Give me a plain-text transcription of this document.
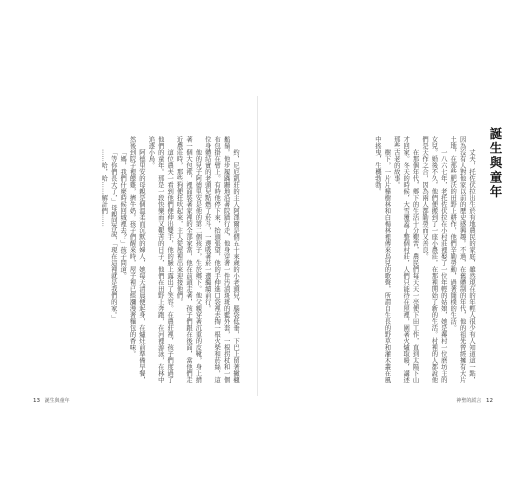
約，尼厄凱莊的主人阿澤爾是個五十來歲的小老頭兒，腦袋低垂，下巴上留著撇翹鬍鬚。他步履蹣跚地沿著院牆行走，他身穿著一件汚漬斑斑的藍外套，一根拐杖和一個布包掛在臂上。有時他停下來，抬頭張望，他的手伸進口袋裡去掏一根火柴和菸絲，這位身體結實的老頭兒點燃了菸斗，一邊吸著菸一邊繼續前行。

他的兒子阿德里安是他的第二個孩子，生於鄉下。他父親穿著沉重的皮靴，身上揹著一個大包袱，裡面裝著家裡的全部家當，他在前頭走著，孩子們跟在後面，當他們走近農莊時，那些狗便狂吠起來，主人從屋裡出來迎接他們。

這位農夫一看到他們便伸出雙手，他的臉上露出了笑容。在農莊裡，孩子們度過了他們的童年。那是一段快樂而又艱苦的日子，他們在田野上奔跑，在河裡游泳，在林中追逐小鳥。

阿德里安的母親是個溫柔而沉默的婦人，她每天清晨便起身，在爐灶前準備早餐，然後到院子裡餵雞，擠牛奶。孩子們醒來時，屋子裡已經瀰漫著麵包的香味。

「媽，我們什麼時候回城裡去？」孩子問道。

「等你們長大了，」母親回答說，「現在這裡就是我們的家。」

……哈，哈……解計們……

13 誕生與童年
誕生與童年

丈夫，托佐伏拉出生於有地農民的家庭，雖然現在的年輕人很少有人知道這一點，因為沒有人對他家以前的歷史感興趣。不過，在舊體制的年代，他的祖先曾經擁有大片土地，在那些肥沃的田野上耕作，他們辛勤勞動，過著簡樸的生活。

一八六七年，老托佐伏拉在小村莊裡娶了一位年輕的姑娘，她是鄰村一位磨坊主的女兒。婚後不久，他們便搬到了一座小農莊，在那裡開始了新的生活。村裡的人都說他們是天作之合，因為兩人都勤勞而又善良。

在那個年代，鄉下的生活十分艱苦，農民們每天天一亮便下田工作，直到太陽下山才回家。冬天的時候，大雪覆蓋了整個村莊，人們只能待在屋裡，圍著火爐取暖，講述那些古老的故事。

樹下，一片片樺樹林和白楊林裡傳來鳥兒的歌聲，所謂自生長的野草和灌木叢在風中搖曳，生機勃勃。

神聖的謊言 12
